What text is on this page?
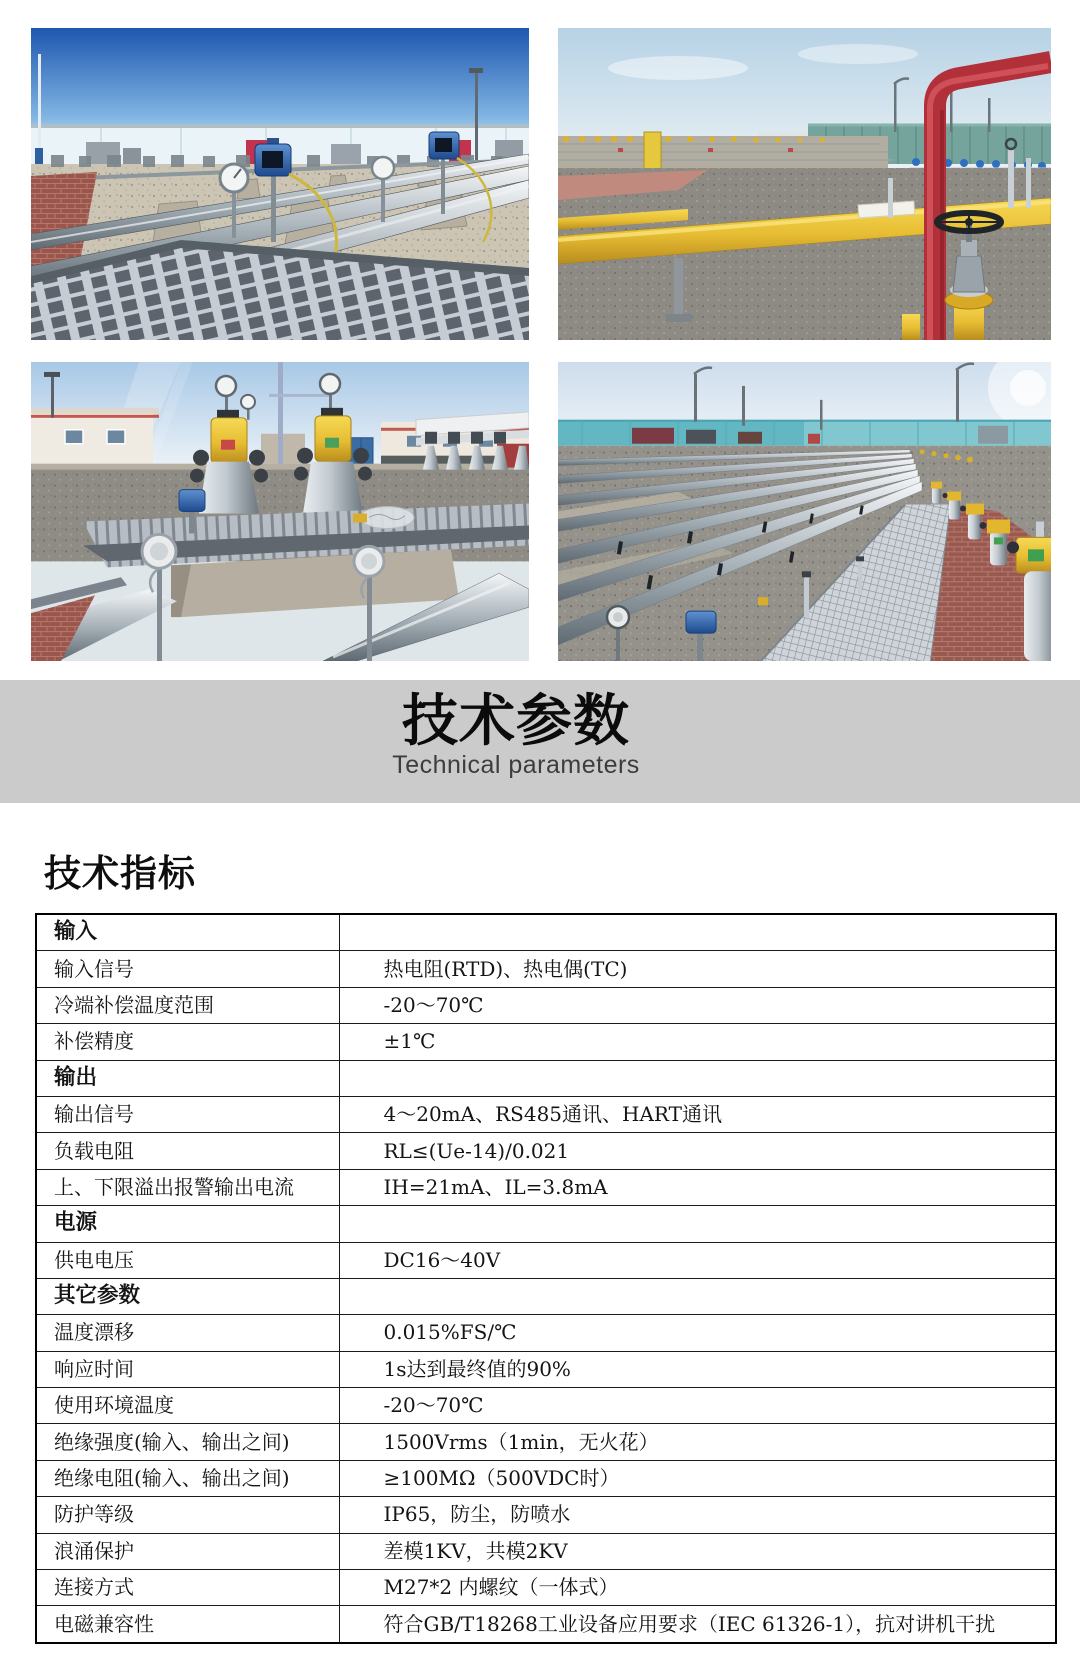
技术参数
Technical parameters
技术指标
输入	
输入信号	热电阻(RTD)、热电偶(TC)
冷端补偿温度范围	-20～70℃
补偿精度	±1℃
输出	
输出信号	4～20mA、RS485通讯、HART通讯
负载电阻	RL≤(Ue-14)/0.021
上、下限溢出报警输出电流	IH=21mA、IL=3.8mA
电源	
供电电压	DC16～40V
其它参数	
温度漂移	0.015%FS/℃
响应时间	1s达到最终值的90%
使用环境温度	-20～70℃
绝缘强度(输入、输出之间)	1500Vrms（1min，无火花）
绝缘电阻(输入、输出之间)	≥100MΩ（500VDC时）
防护等级	IP65，防尘，防喷水
浪涌保护	差模1KV，共模2KV
连接方式	M27*2 内螺纹（一体式）
电磁兼容性	符合GB/T18268工业设备应用要求（IEC 61326-1），抗对讲机干扰
